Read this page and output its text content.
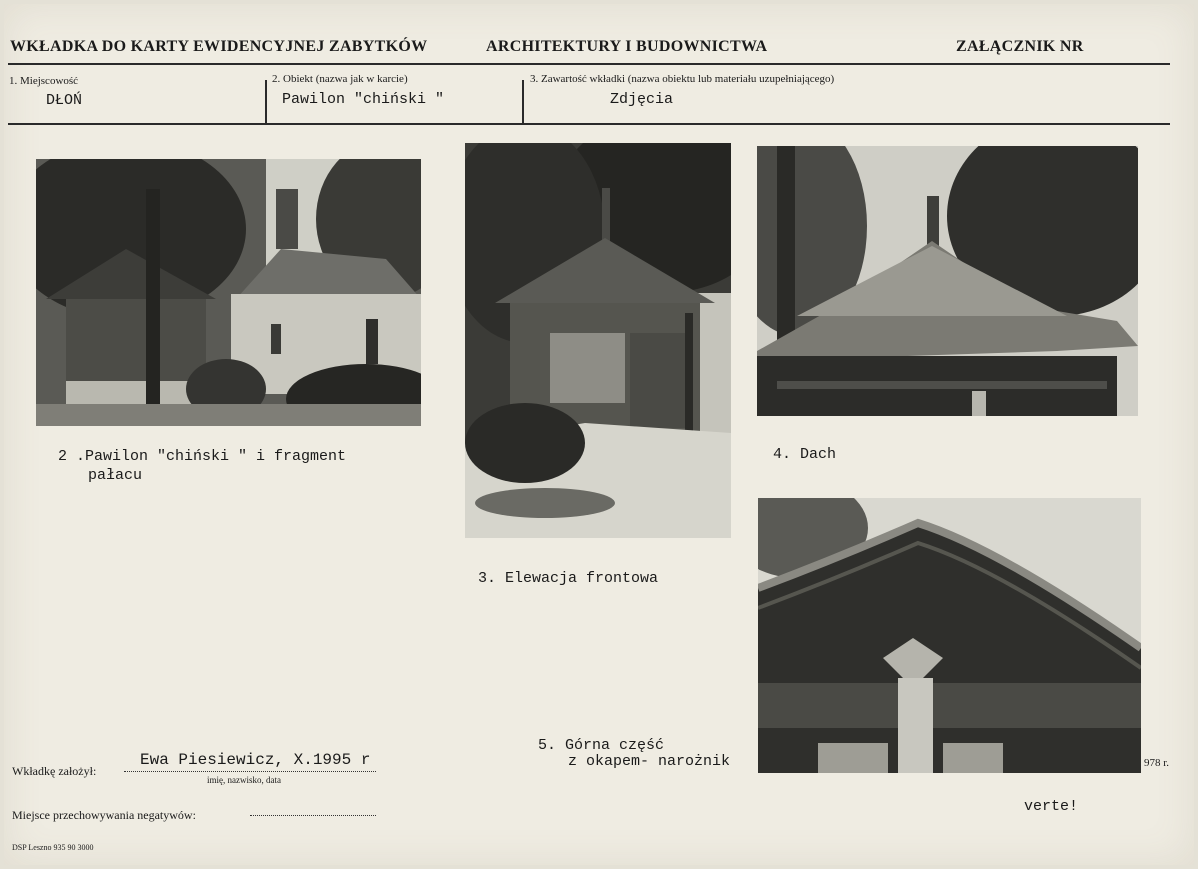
WKŁADKA DO KARTY EWIDENCYJNEJ ZABYTKÓW	ARCHITEKTURY I BUDOWNICTWA	ZAŁĄCZNIK NR
1. Miejscowość
DŁOŃ
2. Obiekt (nazwa jak w karcie)
Pawilon "chiński "
3. Zawartość wkładki (nazwa obiektu lub materiału uzupełniającego)
Zdjęcia
2 .Pawilon "chiński " i fragment
pałacu
3. Elewacja frontowa
4. Dach
5. Górna część
z okapem- narożnik	978 r.
Wkładkę założył:
Ewa Piesiewicz, X.1995 r
imię, nazwisko, data
Miejsce przechowywania negatywów:	verte!
DSP Leszno 935 90 3000
